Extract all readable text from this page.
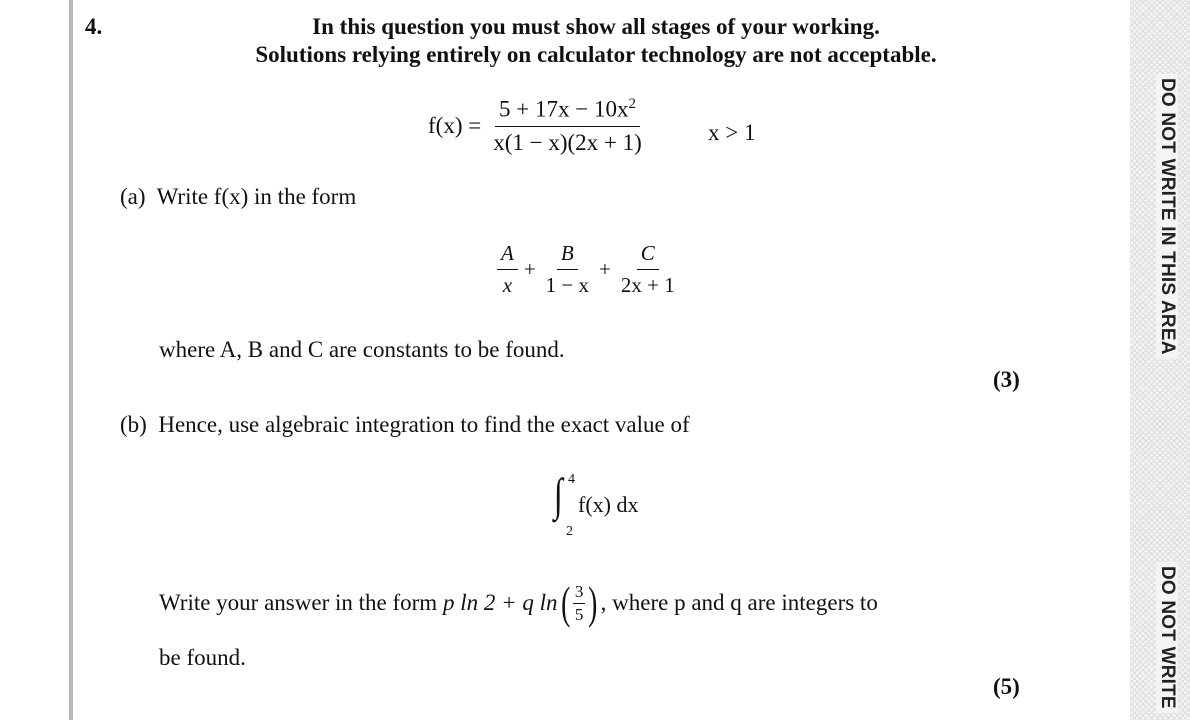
4.	In this question you must show all stages of your working.
Solutions relying entirely on calculator technology are not acceptable.
$f(x) = \frac{5 + 17x - 10x^2}{x(1 - x)(2x + 1)}$	x > 1
(a) Write f(x) in the form
$\frac{A}{x} + \frac{B}{1 - x} + \frac{C}{2x + 1}$
where A, B and C are constants to be found.
(3)
(b) Hence, use algebraic integration to find the exact value of
∫ 4
2
f(x) dx
Write your answer in the form
p ln 2 + q ln ( $\frac{3}{5}$ ) , where p and q are integers to
be found.
(5)
DO NOT WRITE IN THIS AREA
DO NOT WRITE
